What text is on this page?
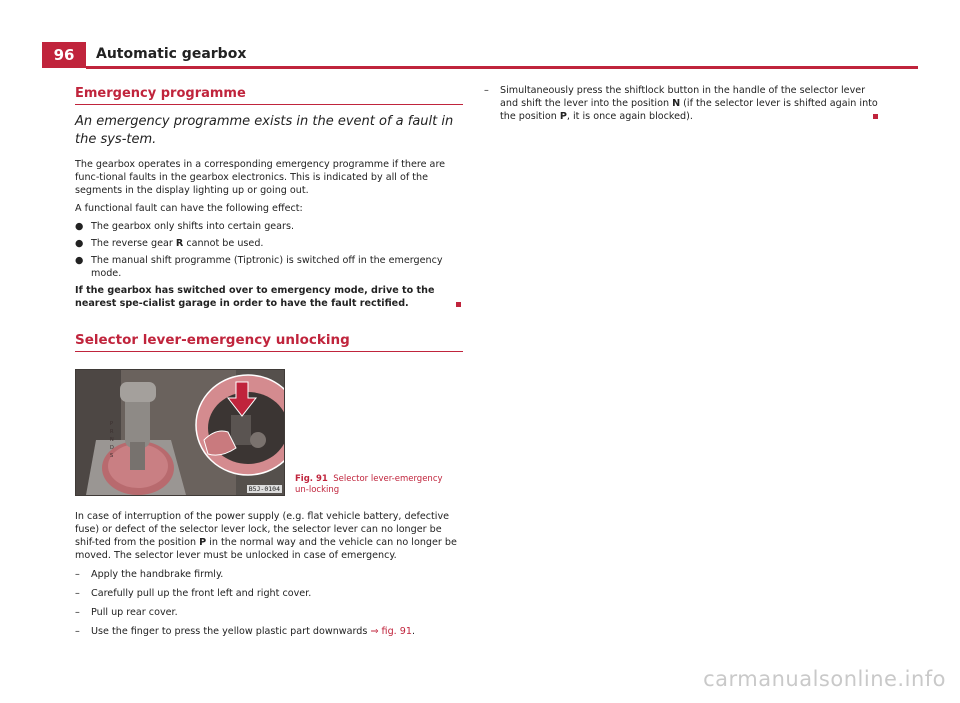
96	Automatic gearbox
Emergency programme

An emergency programme exists in the event of a fault in the sys-tem.

The gearbox operates in a corresponding emergency programme if there are func-tional faults in the gearbox electronics. This is indicated by all of the segments in the display lighting up or going out.

A functional fault can have the following effect:

● The gearbox only shifts into certain gears.
● The reverse gear R cannot be used.
● The manual shift programme (Tiptronic) is switched off in the emergency mode.

If the gearbox has switched over to emergency mode, drive to the nearest spe-cialist garage in order to have the fault rectified.

Selector lever-emergency unlocking
P
R
N
D
S
B5J-0104
Fig. 91 Selector lever-emergency un-locking

In case of interruption of the power supply (e.g. flat vehicle battery, defective fuse) or defect of the selector lever lock, the selector lever can no longer be shif-ted from the position P in the normal way and the vehicle can no longer be moved. The selector lever must be unlocked in case of emergency.

–	Apply the handbrake firmly.
–	Carefully pull up the front left and right cover.
–	Pull up rear cover.
–	Use the finger to press the yellow plastic part downwards ⇒ fig. 91.
–	Simultaneously press the shiftlock button in the handle of the selector lever and shift the lever into the position N (if the selector lever is shifted again into the position P, it is once again blocked).
carmanualsonline.info
